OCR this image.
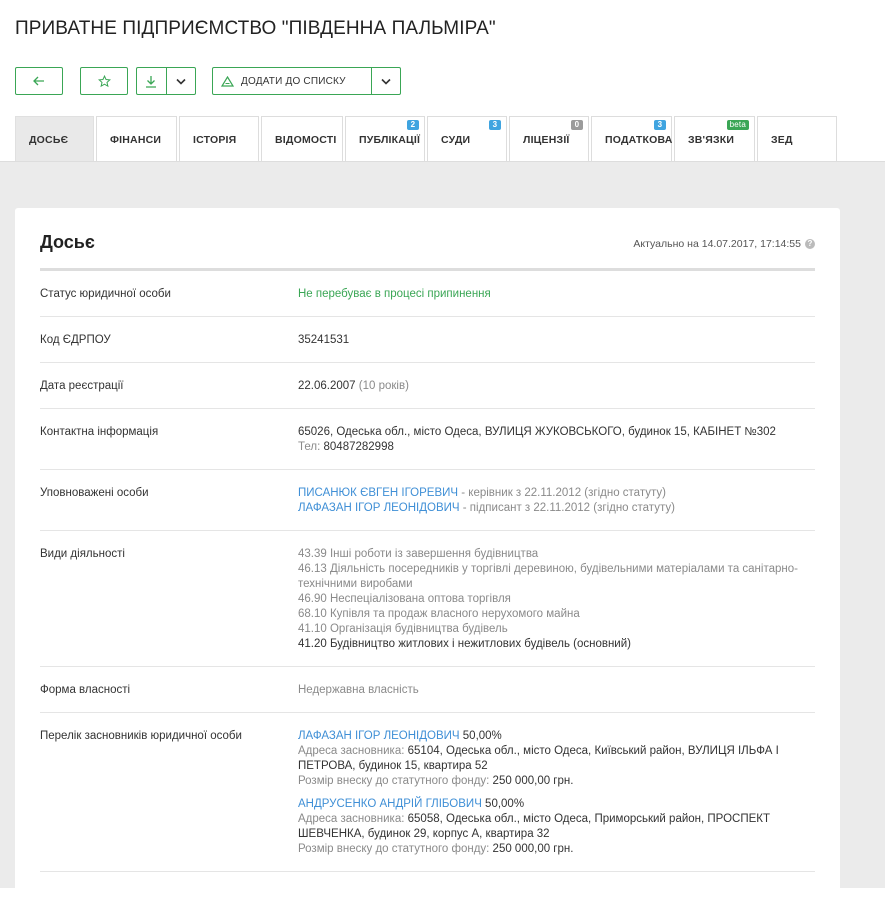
ПРИВАТНЕ ПІДПРИЄМСТВО "ПІВДЕННА ПАЛЬМІРА"
ДОДАТИ ДО СПИСКУ
ДОСЬЄ	ФІНАНСИ	ІСТОРІЯ	ВІДОМОСТІ ПУБЛІКАЦІЇ
2
СУДИ
3
ЛІЦЕНЗІЇ
0
ПОДАТКОВА
3
ЗВ'ЯЗКИ
beta
ЗЕД
Досьє	Актуально на 14.07.2017, 17:14:55 ?
Статус юридичної особи	Не перебуває в процесі припинення
Код ЄДРПОУ	35241531
Дата реєстрації	22.06.2007 (10 років)
Контактна інформація	65026, Одеська обл., місто Одеса, ВУЛИЦЯ ЖУКОВСЬКОГО, будинок 15, КАБІНЕТ №302
Тел: 80487282998
Уповноважені особи	ПИСАНЮК ЄВГЕН ІГОРЕВИЧ - керівник з 22.11.2012 (згідно статуту)
ЛАФАЗАН ІГОР ЛЕОНІДОВИЧ - підписант з 22.11.2012 (згідно статуту)
Види діяльності	43.39 Інші роботи із завершення будівництва
46.13 Діяльність посередників у торгівлі деревиною, будівельними матеріалами та санітарно-технічними виробами
46.90 Неспеціалізована оптова торгівля
68.10 Купівля та продаж власного нерухомого майна
41.10 Організація будівництва будівель
41.20 Будівництво житлових і нежитлових будівель (основний)
Форма власності	Недержавна власність
Перелік засновників юридичної особи	ЛАФАЗАН ІГОР ЛЕОНІДОВИЧ 50,00%
Адреса засновника: 65104, Одеська обл., місто Одеса, Київський район, ВУЛИЦЯ ІЛЬФА І ПЕТРОВА, будинок 15, квартира 52
Розмір внеску до статутного фонду: 250 000,00 грн.
АНДРУСЕНКО АНДРІЙ ГЛІБОВИЧ 50,00%
Адреса засновника: 65058, Одеська обл., місто Одеса, Приморський район, ПРОСПЕКТ ШЕВЧЕНКА, будинок 29, корпус А, квартира 32
Розмір внеску до статутного фонду: 250 000,00 грн.
